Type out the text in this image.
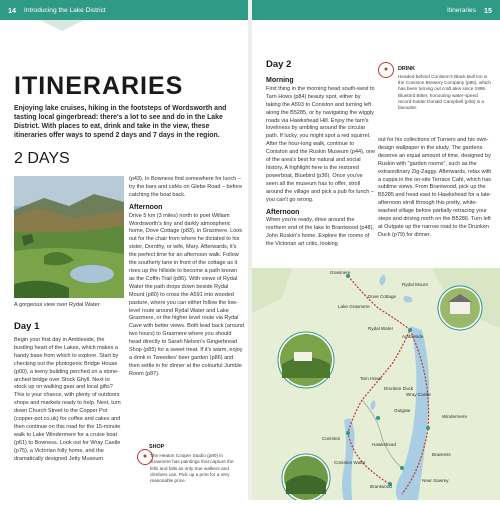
14 Introducing the Lake District	Itineraries 15
ITINERARIES
Enjoying lake cruises, hiking in the footsteps of Wordsworth and tasting local gingerbread: there's a lot to see and do in the Lake District. With places to eat, drink and take in the view, these itineraries offer ways to spend 2 days and 7 days in the region.
2 DAYS
A gorgeous view over Rydal Water
Day 1
Begin your first day in Ambleside, the bustling heart of the Lakes, which makes a handy base from which to explore. Start by checking out the photogenic Bridge House (p00), a teeny building perched on a stone-arched bridge over Stock Ghyll. Next to stock up on walking gear and local gifts? This is your chance, with plenty of outdoors shops and markets ready to help. Next, turn down Church Street to the Copper Pot (copper-pot.co.uk) for coffee and cakes and then continue on this road for the 15-minute walk to Lake Windermere for a cruise boat (p61) to Bowness. Look out for Wray Castle (p75), a Victorian folly home, and the dramatically designed Jetty Museum
(p43). In Bowness find somewhere for lunch – try the bars and cafés on Glebe Road – before catching the boat back.
Afternoon
Drive 5 km (3 miles) north to poet William Wordsworth's tiny and darkly atmospheric home, Dove Cottage (p83), in Grasmere. Look out for the chair from where he dictated to his sister, Dorothy, or wife, Mary. Afterwards, it's the perfect time for an afternoon walk. Follow the southerly lane in front of the cottage as it rises up the hillside to become a path known as the Coffin Trail (p86). With views of Rydal Water the path drops down beside Rydal Mount (p80) to cross the A591 into wooded pasture, where you can either follow the low-level route around Rydal Water and Lake Grasmere, or the higher level route via Rydal Cave with better views. Both lead back (around two hours) to Grasmere where you should head directly to Sarah Nelson's Gingerbread Shop (p85) for a sweet treat. If it's warm, enjoy a drink in Tweedies' beer garden (p86) and then settle in for dinner at the colourful Jumble Room (p87).
●
SHOP
The Heaton Cooper Studio (p80) in Grasmere has paintings that capture the fells and falls as only true walkers and climbers can. Pick up a print for a very reasonable price.
Day 2
Morning
First thing in the morning head south-west to Tarn Hows (p84) beauty spot, either by taking the A593 to Coniston and turning left along the B5285, or by navigating the wiggly roads via Hawkshead Hill. Enjoy the tarn's loveliness by ambling around the circular path. If lucky, you might spot a red squirrel. After the hour-long walk, continue to Coniston and the Ruskin Museum (p44), one of the area's best for natural and social history. A highlight here is the restored powerboat, Bluebird (p36). Once you've seen all the museum has to offer, stroll around the village and pick a pub for lunch – you can't go wrong.
Afternoon
When you're ready, drive around the northern end of the lake to Brantwood (p48), John Ruskin's home. Explore the rooms of the Victorian art critic, looking
●	DRINK
Headed behind Coniston's Black Bull Inn is the Coniston Brewery Company (p85), which has been turning out craft ales since 1995. Bluebird Bitter, honouring water-speed record-holder Donald Campbell (p36) is a favourite.
out for his collections of Turners and his own-design wallpaper in the study. The gardens deserve an equal amount of time, designed by Ruskin with "garden rooms", such as the extraordinary Zig-Zaggy. Afterwards, relax with a cuppa in the on-site Terrace Café, which has sublime views. From Brantwood, pick up the B5285 and head east to Hawkshead for a late-afternoon stroll through this pretty, white-washed village before partially retracing your steps and driving north on the B5286. Turn left at Outgate up the narrow road to the Drunken Duck (p79) for dinner.
Grasmere
Lake Grasmere
Dove Cottage
Rydal Mount
Rydal Water
Ambleside
Tarn Hows
Drunken Duck
Wray Castle
Outgate
Coniston
Coniston Water
Hawkshead
Windermere
Brantwood
Bowness
Near Sawrey
